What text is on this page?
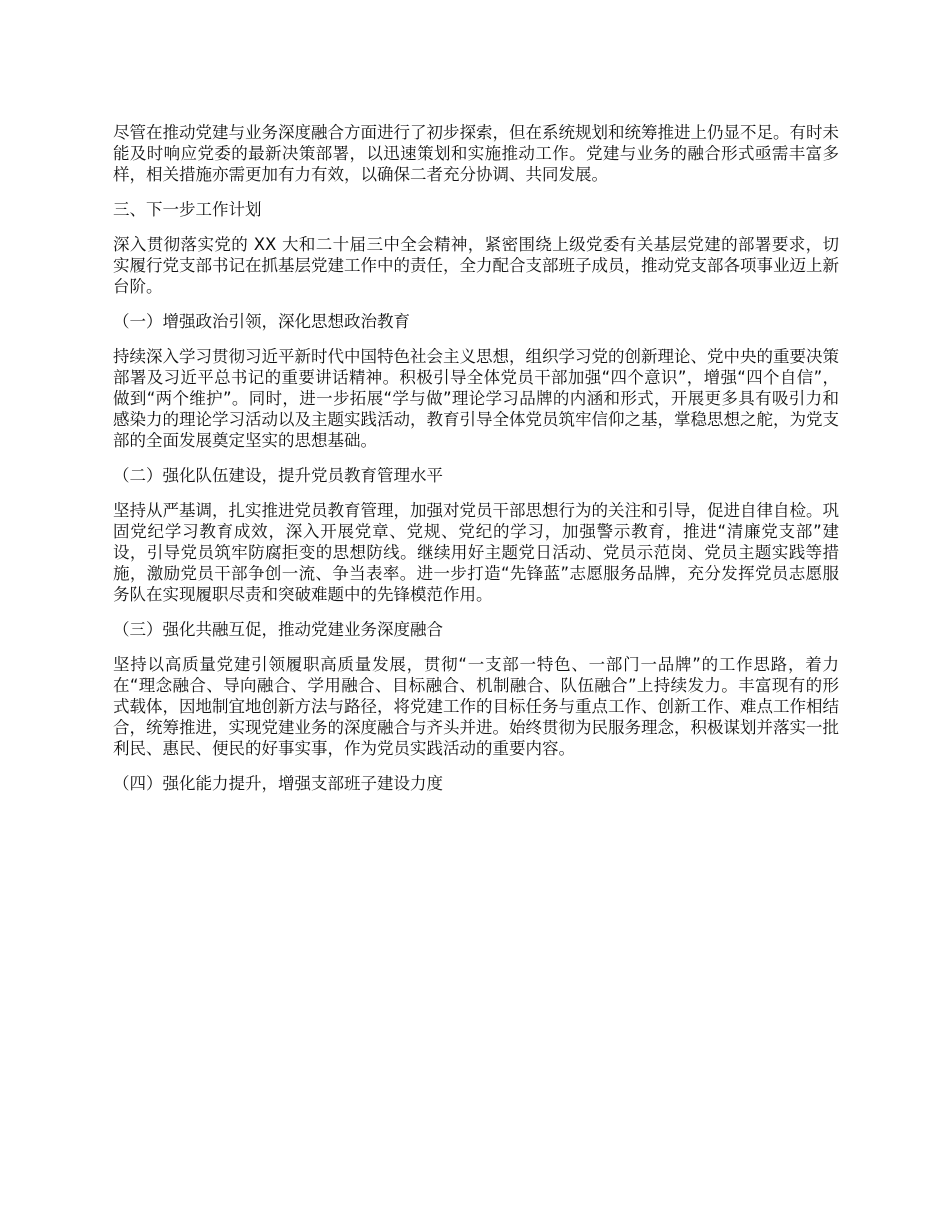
尽管在推动党建与业务深度融合方面进行了初步探索，但在系统规划和统筹推进上仍显不足。有时未能及时响应党委的最新决策部署，以迅速策划和实施推动工作。党建与业务的融合形式亟需丰富多样，相关措施亦需更加有力有效，以确保二者充分协调、共同发展。

三、下一步工作计划

深入贯彻落实党的 XX 大和二十届三中全会精神，紧密围绕上级党委有关基层党建的部署要求，切实履行党支部书记在抓基层党建工作中的责任，全力配合支部班子成员，推动党支部各项事业迈上新台阶。

（一）增强政治引领，深化思想政治教育

持续深入学习贯彻习近平新时代中国特色社会主义思想，组织学习党的创新理论、党中央的重要决策部署及习近平总书记的重要讲话精神。积极引导全体党员干部加强“四个意识”，增强“四个自信”，做到“两个维护”。同时，进一步拓展“学与做”理论学习品牌的内涵和形式，开展更多具有吸引力和感染力的理论学习活动以及主题实践活动，教育引导全体党员筑牢信仰之基，掌稳思想之舵，为党支部的全面发展奠定坚实的思想基础。

（二）强化队伍建设，提升党员教育管理水平

坚持从严基调，扎实推进党员教育管理，加强对党员干部思想行为的关注和引导，促进自律自检。巩固党纪学习教育成效，深入开展党章、党规、党纪的学习，加强警示教育，推进“清廉党支部”建设，引导党员筑牢防腐拒变的思想防线。继续用好主题党日活动、党员示范岗、党员主题实践等措施，激励党员干部争创一流、争当表率。进一步打造“先锋蓝”志愿服务品牌，充分发挥党员志愿服务队在实现履职尽责和突破难题中的先锋模范作用。

（三）强化共融互促，推动党建业务深度融合

坚持以高质量党建引领履职高质量发展，贯彻“一支部一特色、一部门一品牌”的工作思路，着力在“理念融合、导向融合、学用融合、目标融合、机制融合、队伍融合”上持续发力。丰富现有的形式载体，因地制宜地创新方法与路径，将党建工作的目标任务与重点工作、创新工作、难点工作相结合，统筹推进，实现党建业务的深度融合与齐头并进。始终贯彻为民服务理念，积极谋划并落实一批利民、惠民、便民的好事实事，作为党员实践活动的重要内容。

（四）强化能力提升，增强支部班子建设力度
